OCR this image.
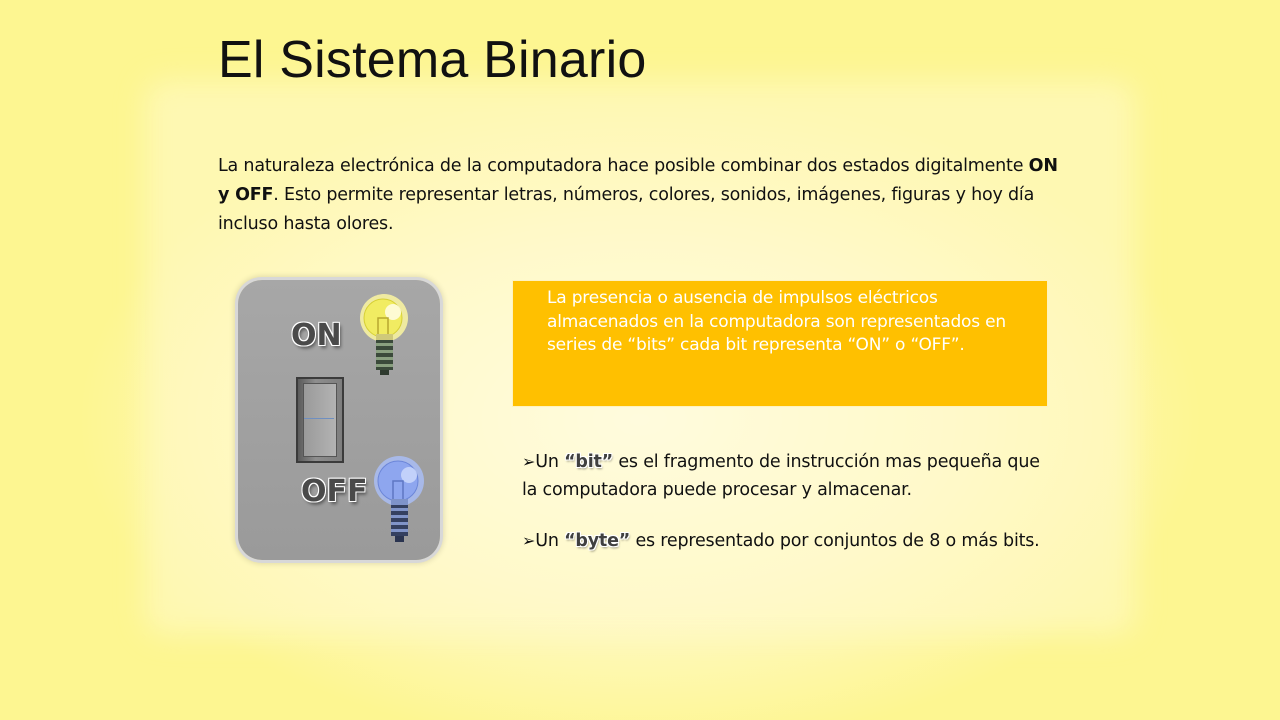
El Sistema Binario
La naturaleza electrónica de la computadora hace posible combinar dos estados digitalmente ON y OFF. Esto permite representar letras, números, colores, sonidos, imágenes, figuras y hoy día incluso hasta olores.
ON
OFF
La presencia o ausencia de impulsos eléctricos almacenados en la computadora son representados en series de “bits” cada bit representa “ON” o “OFF”.
➢Un “bit” es el fragmento de instrucción mas pequeña que la computadora puede procesar y almacenar.
➢Un “byte” es representado por conjuntos de 8 o más bits.
